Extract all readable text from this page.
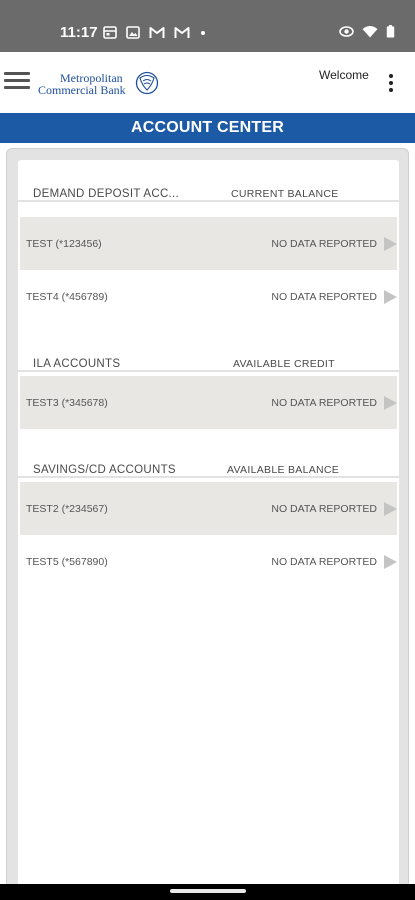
11:17
Metropolitan
Commercial Bank
Welcome
ACCOUNT CENTER
DEMAND DEPOSIT ACC...	CURRENT BALANCE
TEST (*123456)	NO DATA REPORTED
TEST4 (*456789)	NO DATA REPORTED
ILA ACCOUNTS	AVAILABLE CREDIT
TEST3 (*345678)	NO DATA REPORTED
SAVINGS/CD ACCOUNTS	AVAILABLE BALANCE
TEST2 (*234567)	NO DATA REPORTED
TEST5 (*567890)	NO DATA REPORTED
